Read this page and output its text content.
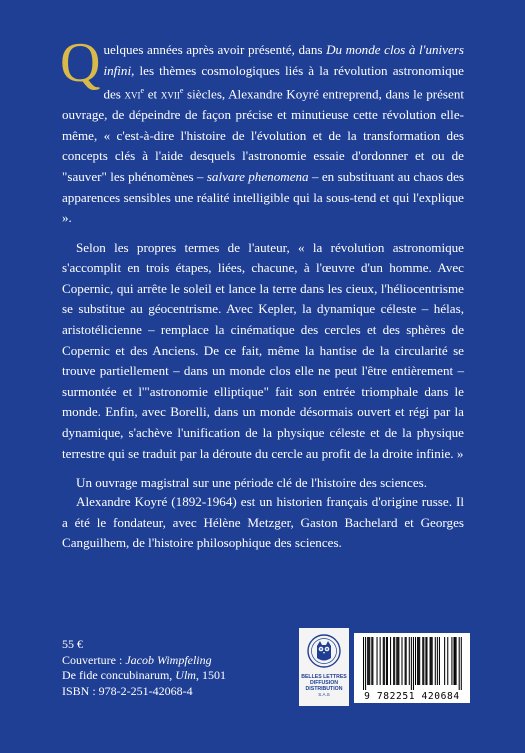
Quelques années après avoir présenté, dans Du monde clos à l'univers infini, les thèmes cosmologiques liés à la révolution astronomique des xvi$^e$ et xvii$^e$ siècles, Alexandre Koyré entreprend, dans le présent ouvrage, de dépeindre de façon précise et minutieuse cette révolution elle-même, « c'est-à-dire l'histoire de l'évolution et de la transformation des concepts clés à l'aide desquels l'astronomie essaie d'ordonner et ou de "sauver" les phénomènes – salvare phenomena – en substituant au chaos des apparences sensibles une réalité intelligible qui la sous-tend et qui l'explique ».

Selon les propres termes de l'auteur, « la révolution astronomique s'accomplit en trois étapes, liées, chacune, à l'œuvre d'un homme. Avec Copernic, qui arrête le soleil et lance la terre dans les cieux, l'héliocentrisme se substitue au géocentrisme. Avec Kepler, la dynamique céleste – hélas, aristotélicienne – remplace la cinématique des cercles et des sphères de Copernic et des Anciens. De ce fait, même la hantise de la circularité se trouve partiellement – dans un monde clos elle ne peut l'être entièrement – surmontée et l'"astronomie elliptique" fait son entrée triomphale dans le monde. Enfin, avec Borelli, dans un monde désormais ouvert et régi par la dynamique, s'achève l'unification de la physique céleste et de la physique terrestre qui se traduit par la déroute du cercle au profit de la droite infinie. »

Un ouvrage magistral sur une période clé de l'histoire des sciences.

Alexandre Koyré (1892-1964) est un historien français d'origine russe. Il a été le fondateur, avec Hélène Metzger, Gaston Bachelard et Georges Canguilhem, de l'histoire philosophique des sciences.

55 €
Couverture : Jacob Wimpfeling
De fide concubinarum, Ulm, 1501
ISBN : 978-2-251-42068-4
BELLES LETTRES
DIFFUSION
DISTRIBUTION
S.A.S	9 782251 420684
